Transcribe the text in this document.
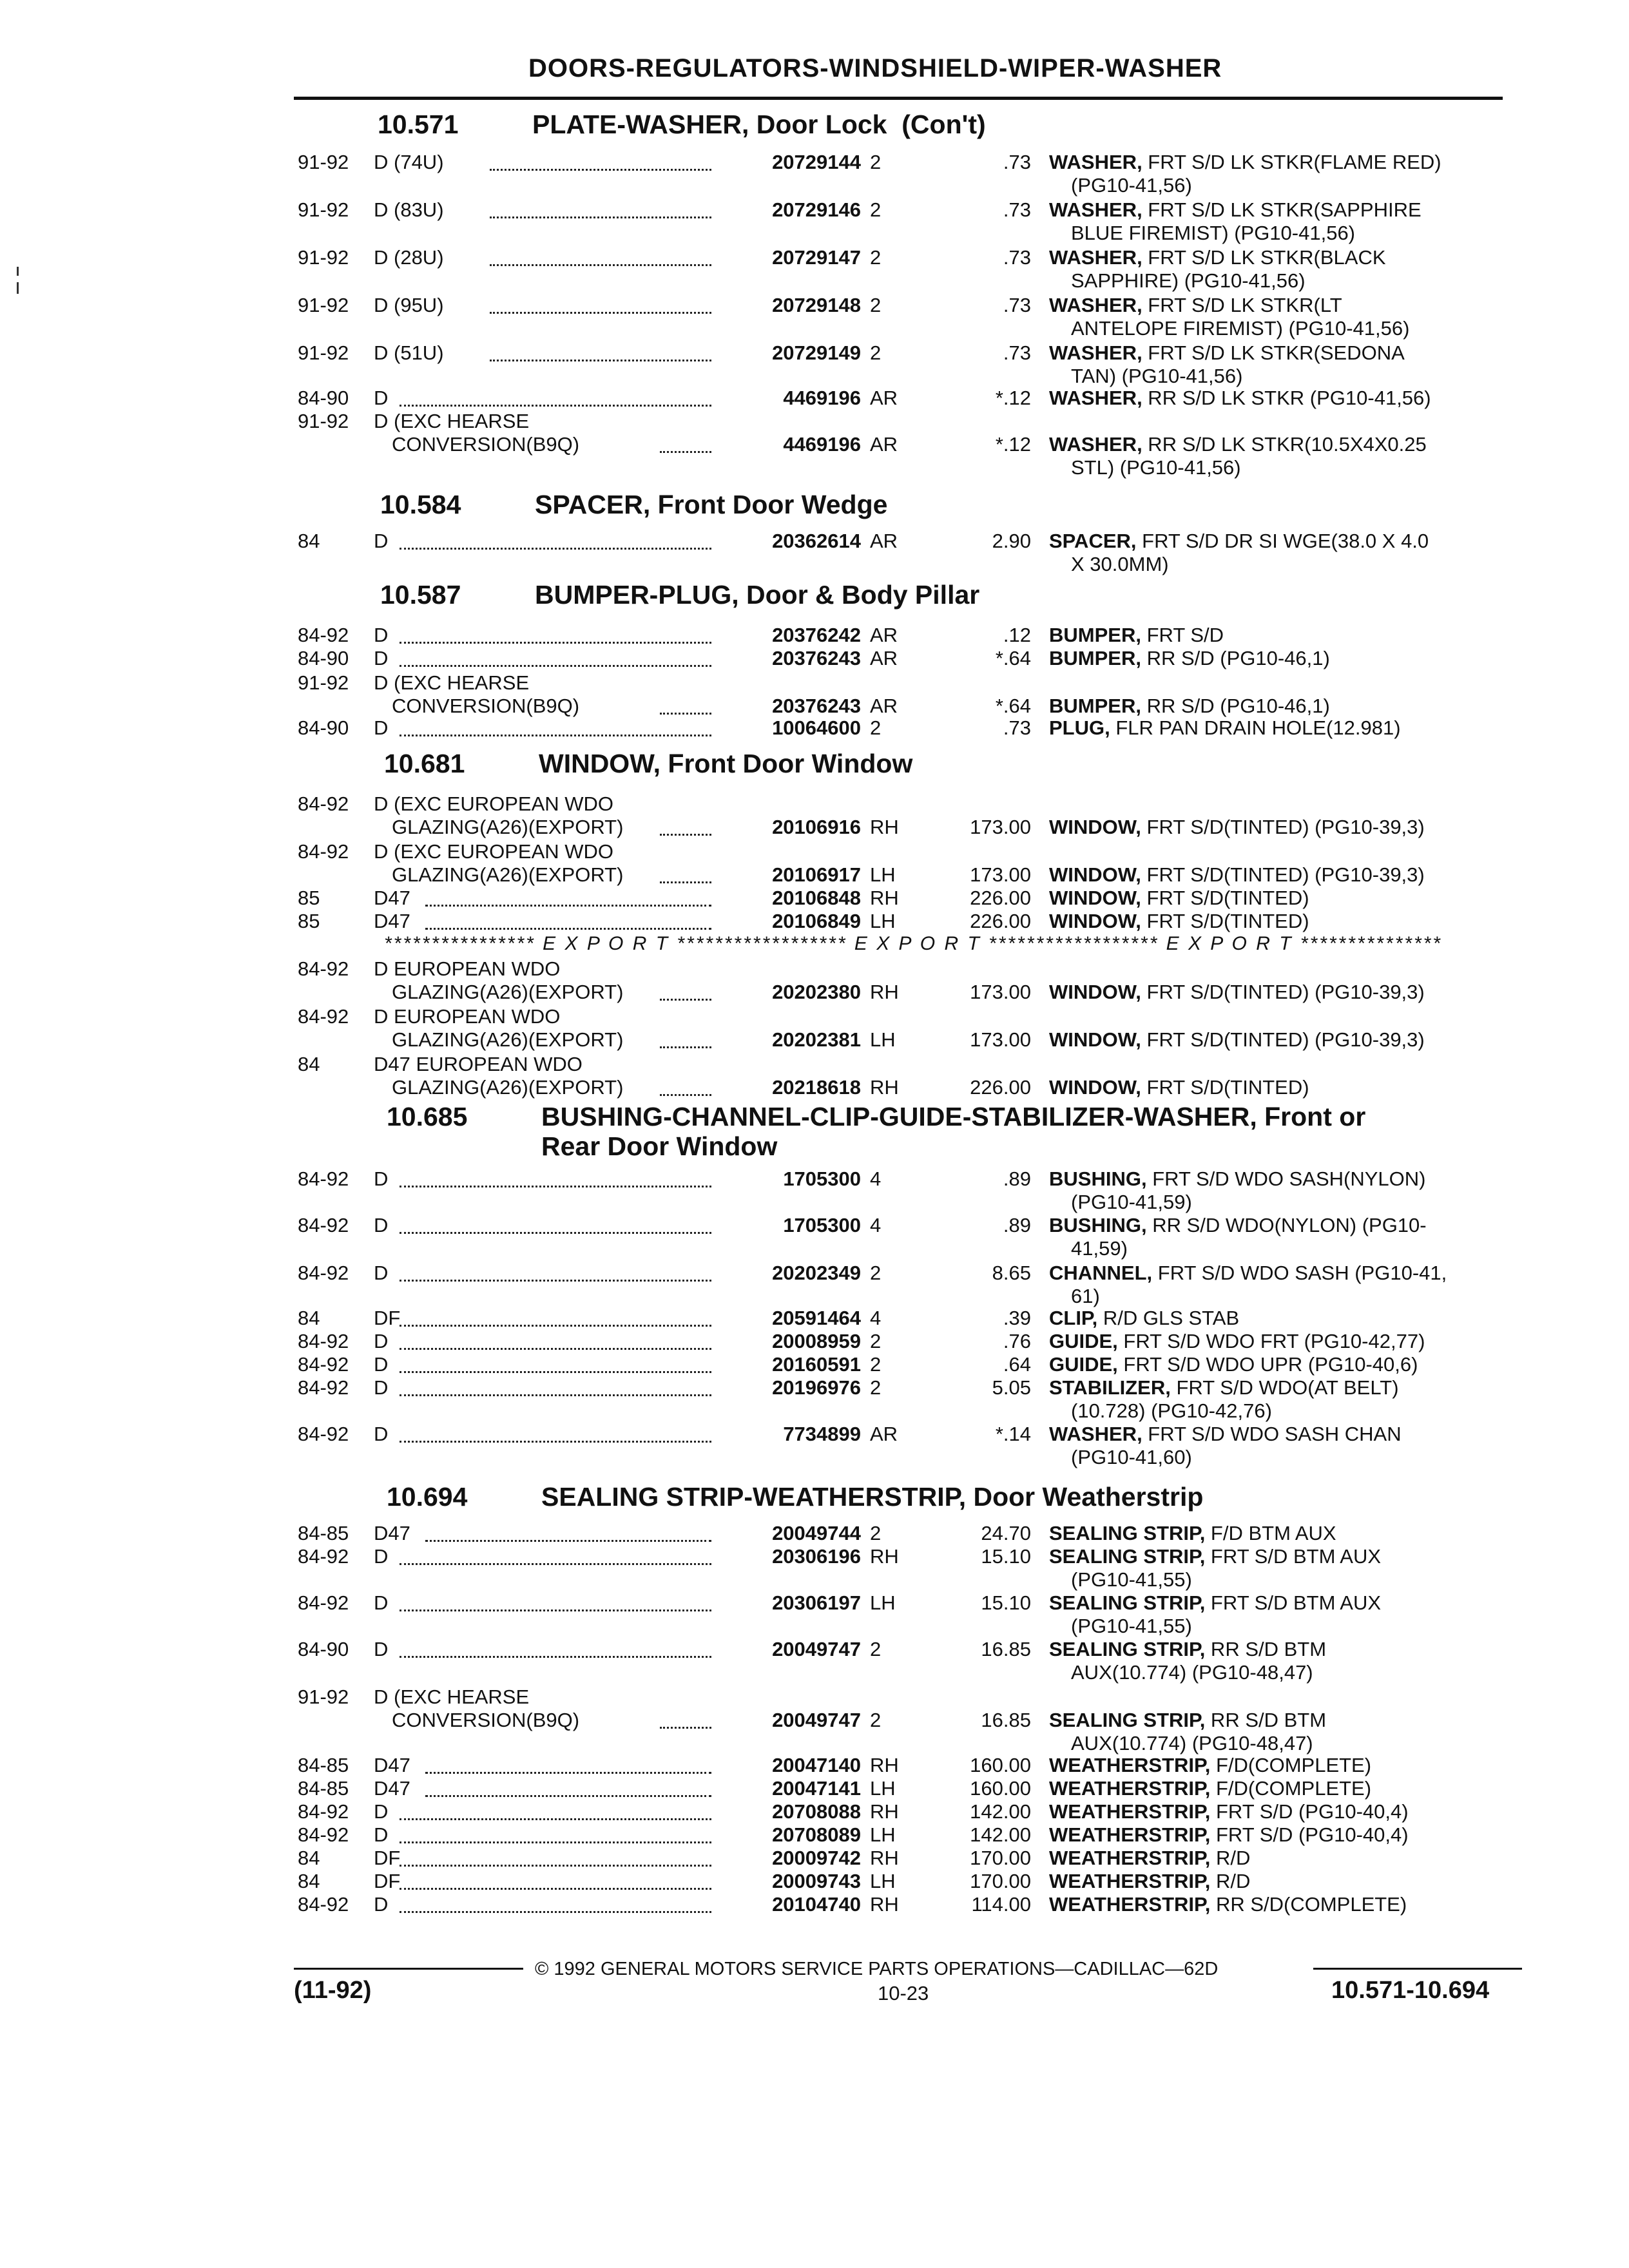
DOORS-REGULATORS-WINDSHIELD-WIPER-WASHER
10.571	PLATE-WASHER, Door Lock (Con't)
10.584	SPACER, Front Door Wedge
10.587	BUMPER-PLUG, Door & Body Pillar
10.681	WINDOW, Front Door Window
10.685	BUSHING-CHANNEL-CLIP-GUIDE-STABILIZER-WASHER, Front or
Rear Door Window
10.694	SEALING STRIP-WEATHERSTRIP, Door Weatherstrip
91-92 D (74U)	20729144 2	.73 WASHER, FRT S/D LK STKR(FLAME RED)
(PG10-41,56)
91-92 D (83U)	20729146 2	.73 WASHER, FRT S/D LK STKR(SAPPHIRE
BLUE FIREMIST) (PG10-41,56)
91-92 D (28U)	20729147 2	.73 WASHER, FRT S/D LK STKR(BLACK
SAPPHIRE) (PG10-41,56)
91-92 D (95U)	20729148 2	.73 WASHER, FRT S/D LK STKR(LT
ANTELOPE FIREMIST) (PG10-41,56)
91-92 D (51U)	20729149 2	.73 WASHER, FRT S/D LK STKR(SEDONA
TAN) (PG10-41,56)
84-90 D	4469196 AR	*.12 WASHER, RR S/D LK STKR (PG10-41,56)
91-92 D (EXC HEARSE
CONVERSION(B9Q)	4469196 AR	*.12 WASHER, RR S/D LK STKR(10.5X4X0.25
STL) (PG10-41,56)
84	D	20362614 AR	2.90 SPACER, FRT S/D DR SI WGE(38.0 X 4.0
X 30.0MM)
84-92 D	20376242 AR	.12 BUMPER, FRT S/D
84-90 D	20376243 AR	*.64 BUMPER, RR S/D (PG10-46,1)
91-92 D (EXC HEARSE
CONVERSION(B9Q)	20376243 AR	*.64 BUMPER, RR S/D (PG10-46,1)
84-90 D	10064600 2	.73 PLUG, FLR PAN DRAIN HOLE(12.981)
84-92 D (EXC EUROPEAN WDO
GLAZING(A26)(EXPORT)	20106916 RH	173.00 WINDOW, FRT S/D(TINTED) (PG10-39,3)
84-92 D (EXC EUROPEAN WDO
GLAZING(A26)(EXPORT)	20106917 LH	173.00 WINDOW, FRT S/D(TINTED) (PG10-39,3)
85	D47	20106848 RH	226.00 WINDOW, FRT S/D(TINTED)
85	D47	20106849 LH	226.00 WINDOW, FRT S/D(TINTED)
84-92 D EUROPEAN WDO
GLAZING(A26)(EXPORT)	20202380 RH	173.00 WINDOW, FRT S/D(TINTED) (PG10-39,3)
84-92 D EUROPEAN WDO
GLAZING(A26)(EXPORT)	20202381 LH	173.00 WINDOW, FRT S/D(TINTED) (PG10-39,3)
84	D47 EUROPEAN WDO
GLAZING(A26)(EXPORT)	20218618 RH	226.00 WINDOW, FRT S/D(TINTED)
84-92 D	1705300 4	.89 BUSHING, FRT S/D WDO SASH(NYLON)
(PG10-41,59)
84-92 D	1705300 4	.89 BUSHING, RR S/D WDO(NYLON) (PG10-
41,59)
84-92 D	20202349 2	8.65 CHANNEL, FRT S/D WDO SASH (PG10-41,
61)
84	DF	20591464 4	.39 CLIP, R/D GLS STAB
84-92 D	20008959 2	.76 GUIDE, FRT S/D WDO FRT (PG10-42,77)
84-92 D	20160591 2	.64 GUIDE, FRT S/D WDO UPR (PG10-40,6)
84-92 D	20196976 2	5.05 STABILIZER, FRT S/D WDO(AT BELT)
(10.728) (PG10-42,76)
84-92 D	7734899 AR	*.14 WASHER, FRT S/D WDO SASH CHAN
(PG10-41,60)
84-85 D47	20049744 2	24.70 SEALING STRIP, F/D BTM AUX
84-92 D	20306196 RH	15.10 SEALING STRIP, FRT S/D BTM AUX
(PG10-41,55)
84-92 D	20306197 LH	15.10 SEALING STRIP, FRT S/D BTM AUX
(PG10-41,55)
84-90 D	20049747 2	16.85 SEALING STRIP, RR S/D BTM
AUX(10.774) (PG10-48,47)
91-92 D (EXC HEARSE
CONVERSION(B9Q)	20049747 2	16.85 SEALING STRIP, RR S/D BTM
AUX(10.774) (PG10-48,47)
84-85 D47	20047140 RH	160.00 WEATHERSTRIP, F/D(COMPLETE)
84-85 D47	20047141 LH	160.00 WEATHERSTRIP, F/D(COMPLETE)
84-92 D	20708088 RH	142.00 WEATHERSTRIP, FRT S/D (PG10-40,4)
84-92 D	20708089 LH	142.00 WEATHERSTRIP, FRT S/D (PG10-40,4)
84	DF	20009742 RH	170.00 WEATHERSTRIP, R/D
84	DF	20009743 LH	170.00 WEATHERSTRIP, R/D
84-92 D	20104740 RH	114.00 WEATHERSTRIP, RR S/D(COMPLETE)
**************** E X P O R T ****************** E X P O R T ****************** E X P O R T ***************
© 1992 GENERAL MOTORS SERVICE PARTS OPERATIONS—CADILLAC—62D
(11-92)	10-23	10.571-10.694
